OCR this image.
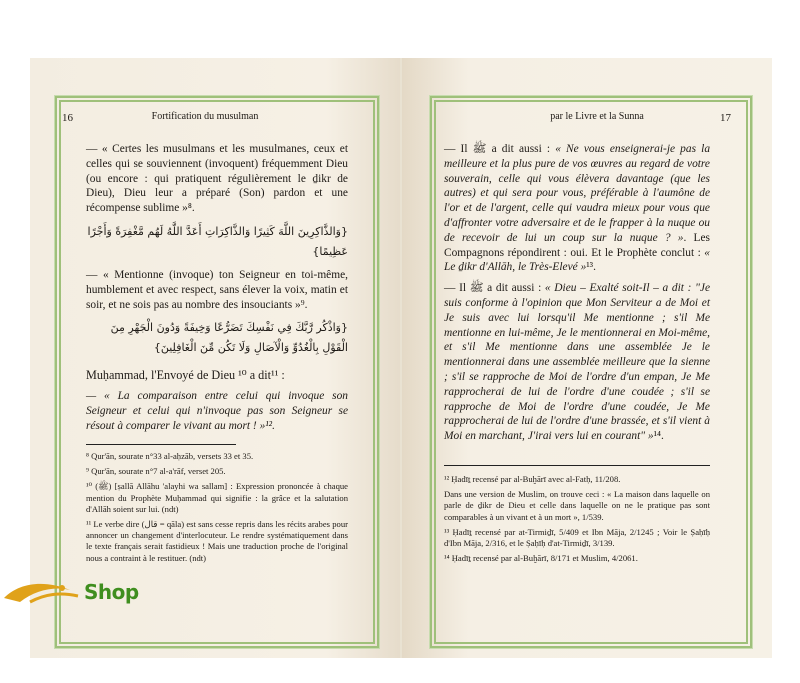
16	Fortification du musulman

— « Certes les musulmans et les musulmanes, ceux et celles qui se souviennent (invoquent) fréquemment Dieu (ou encore : qui pratiquent régulièrement le ḏikr de Dieu), Dieu leur a préparé (Son) pardon et une récompense sublime »⁸.

{وَالذَّاكِرِينَ اللَّهَ كَثِيرًا وَالذَّاكِرَاتِ أَعَدَّ اللَّهُ لَهُم مَّغْفِرَةً وَأَجْرًا عَظِيمًا}

— « Mentionne (invoque) ton Seigneur en toi-même, humblement et avec respect, sans élever la voix, matin et soir, et ne sois pas au nombre des insouciants »⁹.

{وَاذْكُر رَّبَّكَ فِي نَفْسِكَ تَضَرُّعًا وَخِيفَةً وَدُونَ الْجَهْرِ مِنَ الْقَوْلِ بِالْغُدُوِّ وَالْآصَالِ وَلَا تَكُن مِّنَ الْغَافِلِينَ}

Muḥammad, l'Envoyé de Dieu ¹⁰ a dit¹¹ :

— « La comparaison entre celui qui invoque son Seigneur et celui qui n'invoque pas son Seigneur se résout à comparer le vivant au mort ! »¹².

⁸ Qur'ān, sourate n°33 al-aḥzāb, versets 33 et 35.

⁹ Qur'ān, sourate n°7 al-a'rāf, verset 205.

¹⁰ (ﷺ) [ṣallā Allāhu 'alayhi wa sallam] : Expression prononcée à chaque mention du Prophète Muḥammad qui signifie : la grâce et la salutation d'Allāh soient sur lui. (ndt)

¹¹ Le verbe dire (قال = qāla) est sans cesse repris dans les récits arabes pour annoncer un changement d'interlocuteur. Le rendre systématiquement dans le texte français serait fastidieux ! Mais une traduction proche de l'original nous a contraint à le restituer. (ndt)

par le Livre et la Sunna	17

— Il ﷺ a dit aussi : « Ne vous enseignerai-je pas la meilleure et la plus pure de vos œuvres au regard de votre souverain, celle qui vous élèvera davantage (que les autres) et qui sera pour vous, préférable à l'aumône de l'or et de l'argent, celle qui vaudra mieux pour vous que d'affronter votre adversaire et de le frapper à la nuque ou de recevoir de lui un coup sur la nuque ? ». Les Compagnons répondirent : oui. Et le Prophète conclut : « Le ḏikr d'Allāh, le Très-Elevé »¹³.

— Il ﷺ a dit aussi : « Dieu – Exalté soit-Il – a dit : "Je suis conforme à l'opinion que Mon Serviteur a de Moi et Je suis avec lui lorsqu'il Me mentionne ; s'il Me mentionne en lui-même, Je le mentionnerai en Moi-même, et s'il Me mentionne dans une assemblée Je le mentionnerai dans une assemblée meilleure que la sienne ; s'il se rapproche de Moi de l'ordre d'un empan, Je Me rapprocherai de lui de l'ordre d'une coudée ; s'il se rapproche de Moi de l'ordre d'une coudée, Je Me rapprocherai de lui de l'ordre d'une brassée, et s'il vient à Moi en marchant, J'irai vers lui en courant" »¹⁴.

¹² Ḥadīṯ recensé par al-Buḫārī avec al-Fatḥ, 11/208.

Dans une version de Muslim, on trouve ceci : « La maison dans laquelle on parle de ḏikr de Dieu et celle dans laquelle on ne le pratique pas sont comparables à un vivant et à un mort », 1/539.

¹³ Ḥadīṯ recensé par at-Tirmiḏī, 5/409 et Ibn Māja, 2/1245 ; Voir le Ṣaḥīḥ d'Ibn Māja, 2/316, et le Ṣaḥīḥ d'at-Tirmiḏī, 3/139.

¹⁴ Ḥadīṯ recensé par al-Buḫārī, 8/171 et Muslim, 4/2061.

Shop
